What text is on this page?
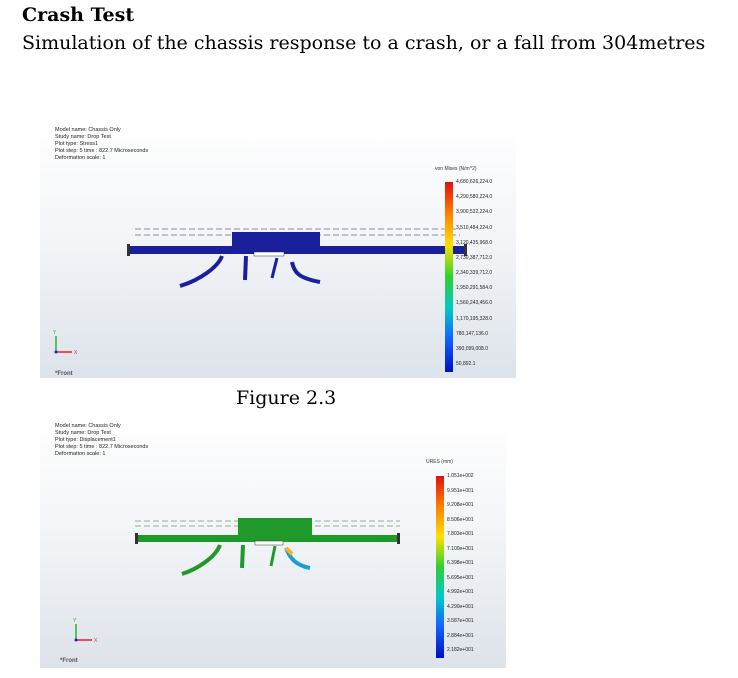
Crash Test
Simulation of the chassis response to a crash, or a fall from 304metres
Model name: Chassis Only
Study name: Drop Test
Plot type: Stress1
Plot step: 5 time : 822.7 Microseconds
Deformation scale: 1
Y
X
von Mises (N/m^2)
4,680,626,224.0
4,290,580,224.0
3,900,532,224.0
3,510,484,224.0
3,120,435,968.0
2,730,387,712.0
2,340,339,712.0
1,950,291,584.0
1,560,243,456.0
1,170,195,328.0
780,147,136.0
390,099,008.0
50,892.1
*Front
Figure 2.3
Model name: Chassis Only
Study name: Drop Test
Plot type: Displacement1
Plot step: 5 time : 822.7 Microseconds
Deformation scale: 1
Y
X
URES (mm)
1.051e+002
9.951e+001
9.208e+001
8.506e+001
7.803e+001
7.100e+001
6.398e+001
5.695e+001
4.992e+001
4.290e+001
3.587e+001
2.884e+001
2.182e+001
*Front
